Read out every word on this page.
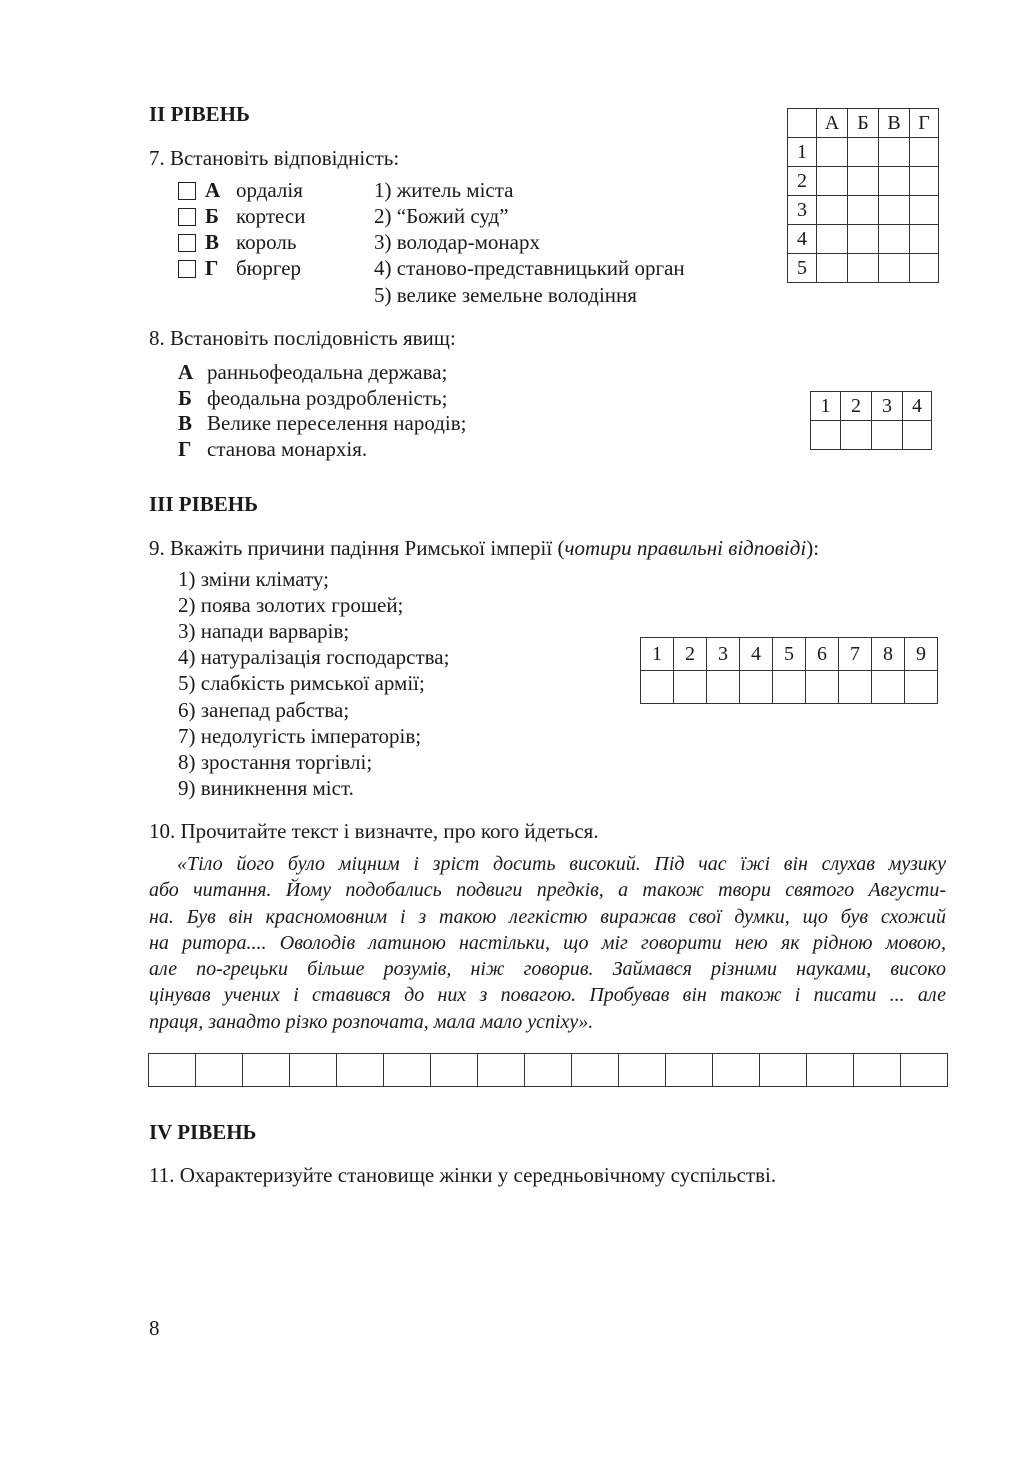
ІІ РІВЕНЬ
7. Встановіть відповідність:
А ордалія
Б кортеси
В король
Г бюргер
1) житель міста
2) “Божий суд”
3) володар-монарх
4) станово-представницький орган
5) велике земельне володіння
	А	Б	В	Г
1				
2				
3				
4				
5				
8. Встановіть послідовність явищ:
А ранньофеодальна держава;
Б феодальна роздробленість;
В Велике переселення народів;
Г станова монархія.
1	2	3	4

ІІІ РІВЕНЬ
9. Вкажіть причини падіння Римської імперії (чотири правильні відповіді):
1) зміни клімату;
2) поява золотих грошей;
3) напади варварів;
4) натуралізація господарства;
5) слабкість римської армії;
6) занепад рабства;
7) недолугість імператорів;
8) зростання торгівлі;
9) виникнення міст.
1	2	3	4	5	6	7	8	9

10. Прочитайте текст і визначте, про кого йдеться.
«Тіло його було міцним і зріст досить високий. Під час їжі він слухав музику
або читання. Йому подобались подвиги предків, а також твори святого Августи-
на. Був він красномовним і з такою легкістю виражав свої думки, що був схожий
на ритора.... Оволодів латиною настільки, що міг говорити нею як рідною мовою,
але по-грецьки більше розумів, ніж говорив. Займався різними науками, високо
цінував учених і ставився до них з повагою. Пробував він також і писати ... але
праця, занадто різко розпочата, мала мало успіху».

IV РІВЕНЬ
11. Охарактеризуйте становище жінки у середньовічному суспільстві.
8
